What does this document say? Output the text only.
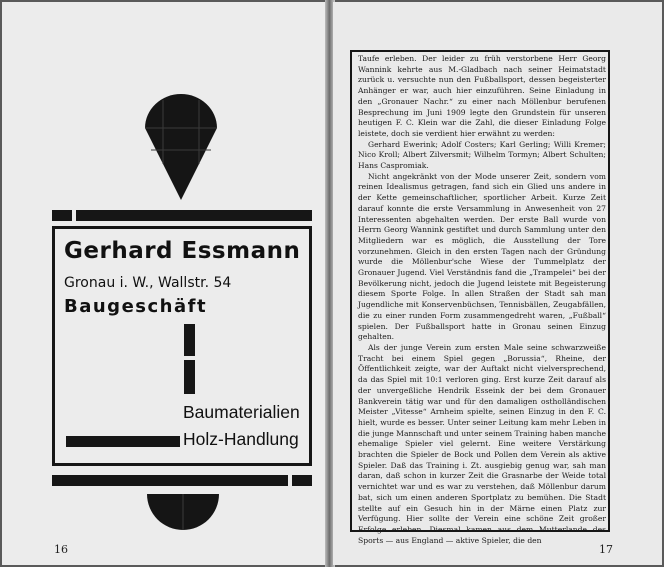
Gerhard Essmann
Gronau i. W., Wallstr. 54
Baugeschäft
Baumaterialien
Holz-Handlung
16

Taufe erleben. Der leider zu früh verstorbene Herr Georg Wannink kehrte aus M.-Gladbach nach seiner Heimatstadt zurück u. versuchte nun den Fußballsport, dessen begeisterter Anhänger er war, auch hier einzuführen. Seine Einladung in den „Gronauer Nachr.“ zu einer nach Möllenbur berufenen Besprechung im Juni 1909 legte den Grundstein für unseren heutigen F. C. Klein war die Zahl, die dieser Einladung Folge leistete, doch sie verdient hier erwähnt zu werden:

Gerhard Ewerink; Adolf Costers; Karl Gerling; Willi Kremer; Nico Kroll; Albert Zilversmit; Wilhelm Tormyn; Albert Schulten; Hans Caspromiak.

Nicht angekränkt von der Mode unserer Zeit, sondern vom reinen Idealismus getragen, fand sich ein Glied uns andere in der Kette gemeinschaftlicher, sportlicher Arbeit. Kurze Zeit darauf konnte die erste Versammlung in Anwesenheit von 27 Interessenten abgehalten werden. Der erste Ball wurde von Herrn Georg Wannink gestiftet und durch Sammlung unter den Mitgliedern war es möglich, die Ausstellung der Tore vorzunehmen. Gleich in den ersten Tagen nach der Gründung wurde die Möllenbur'sche Wiese der Tummelplatz der Gronauer Jugend. Viel Verständnis fand die „Trampelei“ bei der Bevölkerung nicht, jedoch die Jugend leistete mit Begeisterung diesem Sporte Folge. In allen Straßen der Stadt sah man Jugendliche mit Konservenbüchsen, Tennisbällen, Zeugabfällen, die zu einer runden Form zusammengedreht waren, „Fußball“ spielen. Der Fußballsport hatte in Gronau seinen Einzug gehalten.

Als der junge Verein zum ersten Male seine schwarzweiße Tracht bei einem Spiel gegen „Borussia“, Rheine, der Öffentlichkeit zeigte, war der Auftakt nicht vielversprechend, da das Spiel mit 10:1 verloren ging. Erst kurze Zeit darauf als der unvergeßliche Hendrik Esseink der bei dem Gronauer Bankverein tätig war und für den damaligen ostholländischen Meister „Vitesse“ Arnheim spielte, seinen Einzug in den F. C. hielt, wurde es besser. Unter seiner Leitung kam mehr Leben in die junge Mannschaft und unter seinem Training haben manche ehemalige Spieler viel gelernt. Eine weitere Verstärkung brachten die Spieler de Bock und Pollen dem Verein als aktive Spieler. Daß das Training i. Zt. ausgiebig genug war, sah man daran, daß schon in kurzer Zeit die Grasnarbe der Weide total vernichtet war und es war zu verstehen, daß Möllenbur darum bat, sich um einen anderen Sportplatz zu bemühen. Die Stadt stellte auf ein Gesuch hin in der Märne einen Platz zur Verfügung. Hier sollte der Verein eine schöne Zeit großer Erfolge erleben. Diesmal kamen aus dem Mutterlande des Sports — aus England — aktive Spieler, die den

17
